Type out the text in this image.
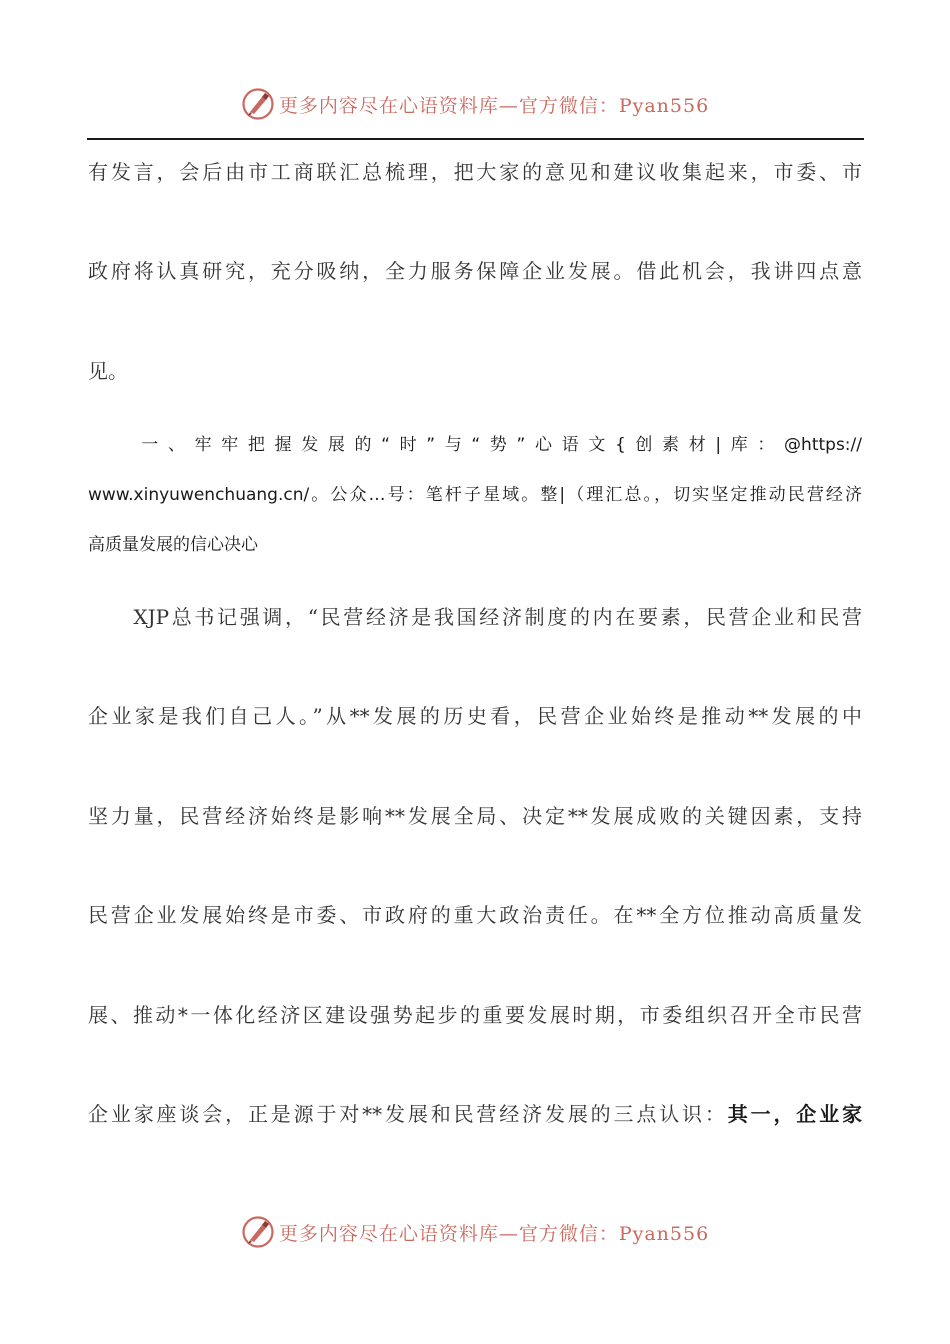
更多内容尽在心语资料库—官方微信：Pyan556
有发言，会后由市工商联汇总梳理，把大家的意见和建议收集起来，市委、市
政府将认真研究，充分吸纳，全力服务保障企业发展。借此机会，我讲四点意
见。
　　一、牢牢把握发展的“时”与“势”心语文{创素材|库：@https://
www.xinyuwenchuang.cn/。公众…号：笔杆子星域。整|（理汇总。，切实坚定推动民营经济
高质量发展的信心决心
　　XJP总书记强调，“民营经济是我国经济制度的内在要素，民营企业和民营
企业家是我们自己人。”从**发展的历史看，民营企业始终是推动**发展的中
坚力量，民营经济始终是影响**发展全局、决定**发展成败的关键因素，支持
民营企业发展始终是市委、市政府的重大政治责任。在**全方位推动高质量发
展、推动*一体化经济区建设强势起步的重要发展时期，市委组织召开全市民营
企业家座谈会，正是源于对**发展和民营经济发展的三点认识：其一，企业家
更多内容尽在心语资料库—官方微信：Pyan556
